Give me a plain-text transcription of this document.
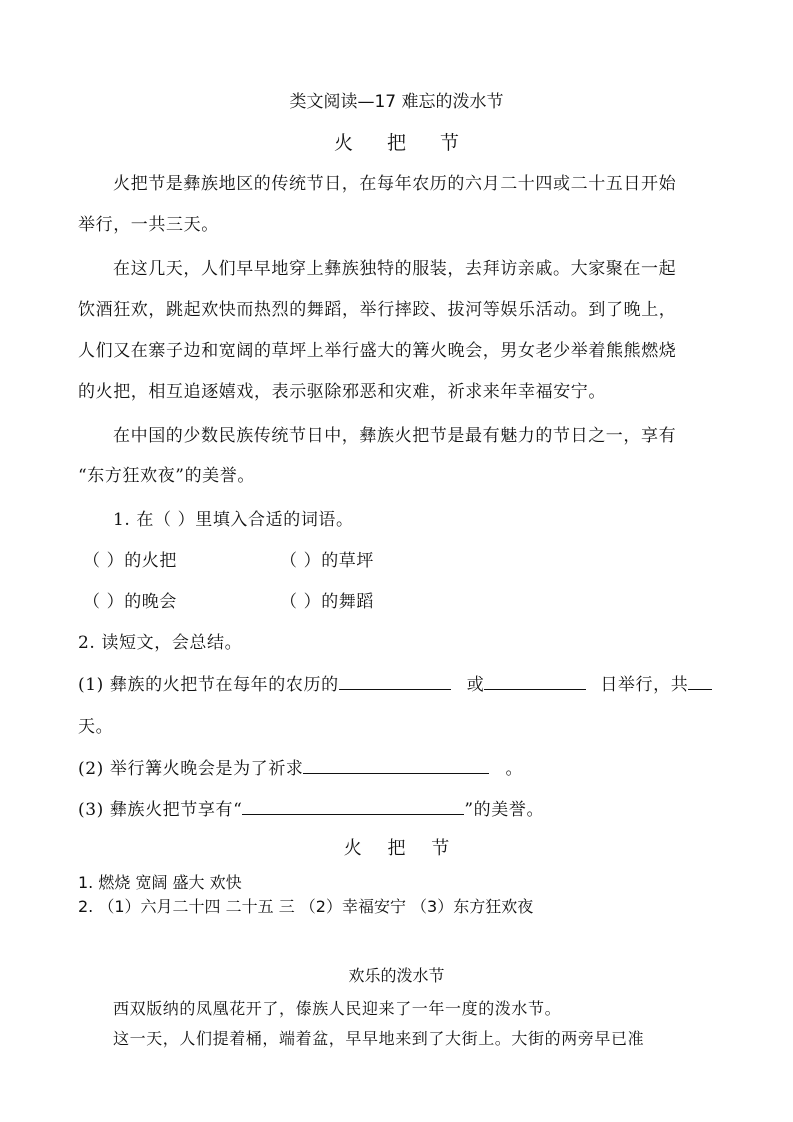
类文阅读—17 难忘的泼水节
火 把 节
火把节是彝族地区的传统节日，在每年农历的六月二十四或二十五日开始
举行，一共三天。
在这几天，人们早早地穿上彝族独特的服装，去拜访亲戚。大家聚在一起
饮酒狂欢，跳起欢快而热烈的舞蹈，举行摔跤、拔河等娱乐活动。到了晚上，
人们又在寨子边和宽阔的草坪上举行盛大的篝火晚会，男女老少举着熊熊燃烧
的火把，相互追逐嬉戏，表示驱除邪恶和灾难，祈求来年幸福安宁。
在中国的少数民族传统节日中，彝族火把节是最有魅力的节日之一，享有
“东方狂欢夜”的美誉。
1. 在（ ）里填入合适的词语。
（ ）的火把	（ ）的草坪
（ ）的晚会	（ ）的舞蹈
2. 读短文，会总结。
(1) 彝族的火把节在每年的农历的	或	日举行，共
天。
(2) 举行篝火晚会是为了祈求	。
(3) 彝族火把节享有“	”的美誉。
火 把 节
1. 燃烧 宽阔 盛大 欢快
2. （1）六月二十四 二十五 三 （2）幸福安宁 （3）东方狂欢夜
欢乐的泼水节
西双版纳的凤凰花开了，傣族人民迎来了一年一度的泼水节。
这一天，人们提着桶，端着盆，早早地来到了大街上。大街的两旁早已准
